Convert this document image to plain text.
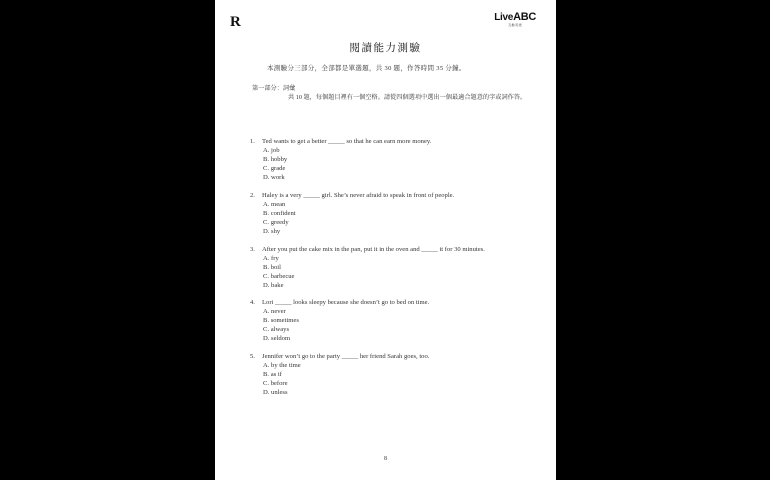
R	LiveABC
互動英語
閱讀能力測驗
本測驗分三部分，全部都是單選題，共 30 題，作答時間 35 分鐘。
第一部分：詞彙
共 10 題，每個題目裡有一個空格。請從四個選項中選出一個最適合題意的字或詞作答。
1. Ted wants to get a better _____ so that he can earn more money.
A. job
B. hobby
C. grade
D. work
2. Haley is a very _____ girl. She’s never afraid to speak in front of people.
A. mean
B. confident
C. greedy
D. shy
3. After you put the cake mix in the pan, put it in the oven and _____ it for 30 minutes.
A. fry
B. boil
C. barbecue
D. bake
4. Lori _____ looks sleepy because she doesn’t go to bed on time.
A. never
B. sometimes
C. always
D. seldom
5. Jennifer won’t go to the party _____ her friend Sarah goes, too.
A. by the time
B. as if
C. before
D. unless
8
